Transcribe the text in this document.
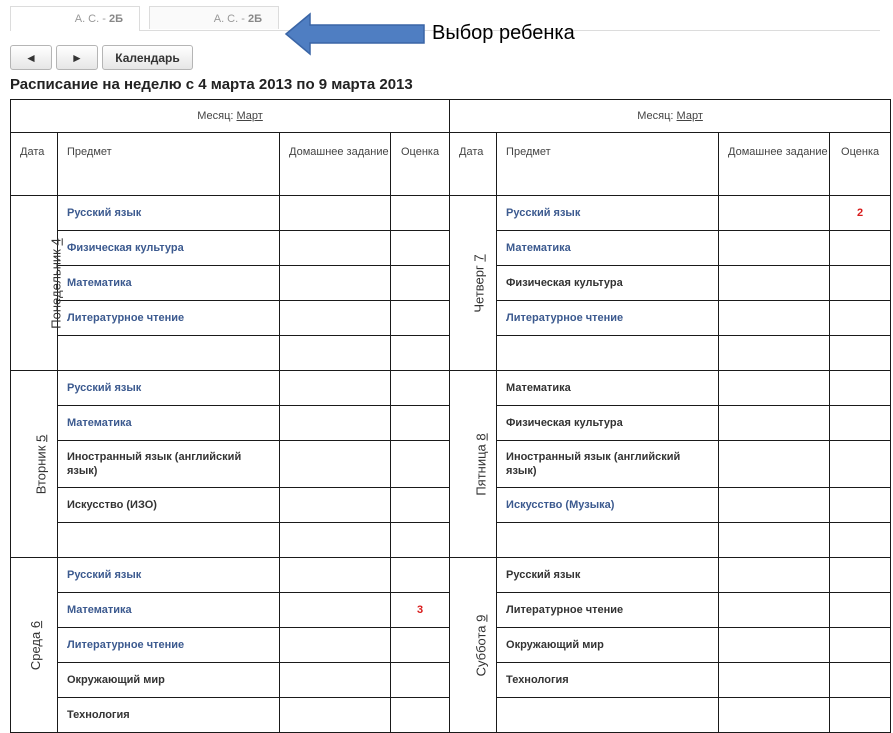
А. С. - 2Б	А. С. - 2Б
Выбор ребенка
◄	►	Календарь
Расписание на неделю с 4 марта 2013 по 9 марта 2013
Месяц: Март				Месяц: Март			
Дата	Предмет	Домашнее задание	Оценка	Дата	Предмет	Домашнее задание	Оценка
Понедельник 4	Русский язык			Четверг 7	Русский язык		2
	Физическая культура				Математика		
	Математика				Физическая культура		
	Литературное чтение				Литературное чтение		

Вторник 5	Русский язык			Пятница 8	Математика		
	Математика				Физическая культура		
	Иностранный язык (английский язык)				Иностранный язык (английский язык)		
	Искусство (ИЗО)				Искусство (Музыка)		

Среда 6	Русский язык			Суббота 9	Русский язык		
	Математика		3		Литературное чтение		
	Литературное чтение				Окружающий мир		
	Окружающий мир				Технология		
	Технология						
